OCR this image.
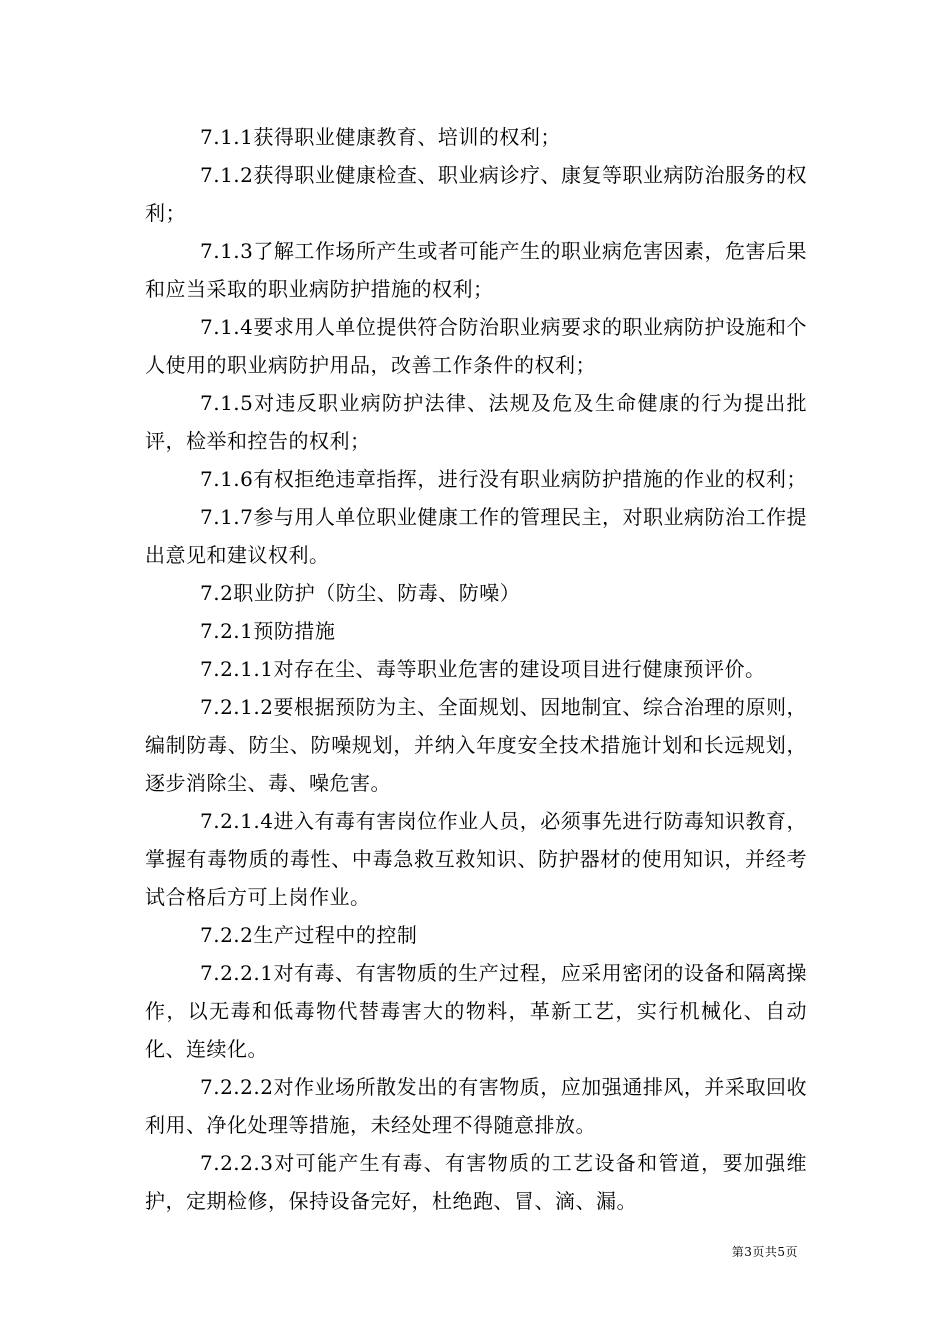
7.1.1获得职业健康教育、培训的权利；

7.1.2获得职业健康检查、职业病诊疗、康复等职业病防治服务的权利；

7.1.3了解工作场所产生或者可能产生的职业病危害因素，危害后果和应当采取的职业病防护措施的权利；

7.1.4要求用人单位提供符合防治职业病要求的职业病防护设施和个人使用的职业病防护用品，改善工作条件的权利；

7.1.5对违反职业病防护法律、法规及危及生命健康的行为提出批评，检举和控告的权利；

7.1.6有权拒绝违章指挥，进行没有职业病防护措施的作业的权利；

7.1.7参与用人单位职业健康工作的管理民主，对职业病防治工作提出意见和建议权利。

7.2职业防护（防尘、防毒、防噪）

7.2.1预防措施

7.2.1.1对存在尘、毒等职业危害的建设项目进行健康预评价。

7.2.1.2要根据预防为主、全面规划、因地制宜、综合治理的原则，编制防毒、防尘、防噪规划，并纳入年度安全技术措施计划和长远规划，逐步消除尘、毒、噪危害。

7.2.1.4进入有毒有害岗位作业人员，必须事先进行防毒知识教育，掌握有毒物质的毒性、中毒急救互救知识、防护器材的使用知识，并经考试合格后方可上岗作业。

7.2.2生产过程中的控制

7.2.2.1对有毒、有害物质的生产过程，应采用密闭的设备和隔离操作，以无毒和低毒物代替毒害大的物料，革新工艺，实行机械化、自动化、连续化。

7.2.2.2对作业场所散发出的有害物质，应加强通排风，并采取回收利用、净化处理等措施，未经处理不得随意排放。

7.2.2.3对可能产生有毒、有害物质的工艺设备和管道，要加强维护，定期检修，保持设备完好，杜绝跑、冒、滴、漏。

第3页共5页
